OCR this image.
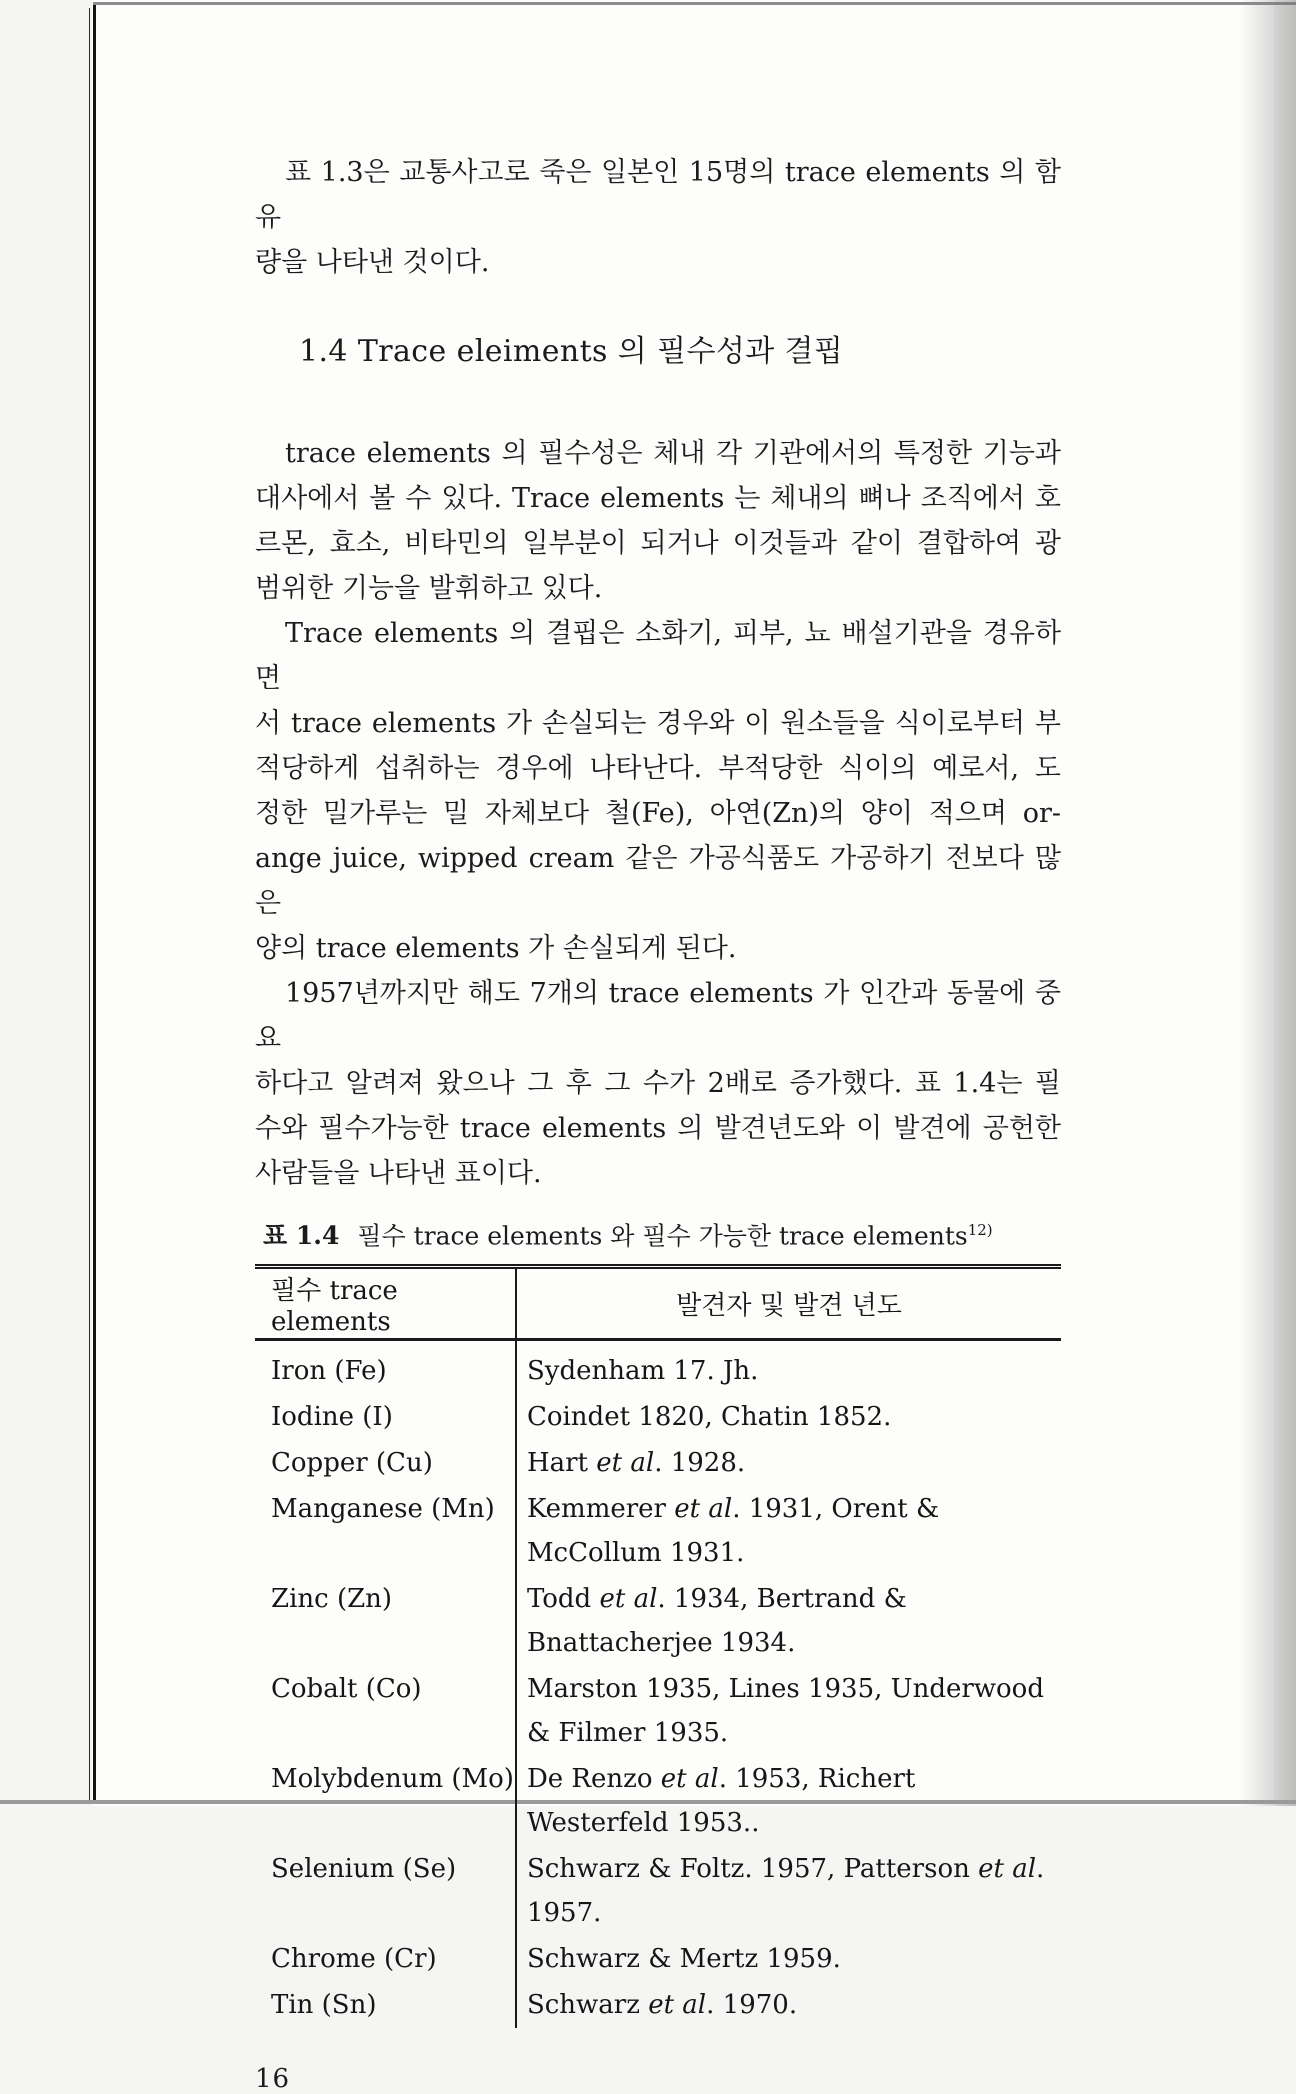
표 1.3은 교통사고로 죽은 일본인 15명의 trace elements 의 함유
량을 나타낸 것이다.
1.4 Trace eleiments 의 필수성과 결핍
trace elements 의 필수성은 체내 각 기관에서의 특정한 기능과
대사에서 볼 수 있다. Trace elements 는 체내의 뼈나 조직에서 호
르몬, 효소, 비타민의 일부분이 되거나 이것들과 같이 결합하여 광
범위한 기능을 발휘하고 있다.
Trace elements 의 결핍은 소화기, 피부, 뇨 배설기관을 경유하면
서 trace elements 가 손실되는 경우와 이 원소들을 식이로부터 부
적당하게 섭취하는 경우에 나타난다. 부적당한 식이의 예로서, 도
정한 밀가루는 밀 자체보다 철(Fe), 아연(Zn)의 양이 적으며 or-
ange juice, wipped cream 같은 가공식품도 가공하기 전보다 많은
양의 trace elements 가 손실되게 된다.
1957년까지만 해도 7개의 trace elements 가 인간과 동물에 중요
하다고 알려져 왔으나 그 후 그 수가 2배로 증가했다. 표 1.4는 필
수와 필수가능한 trace elements 의 발견년도와 이 발견에 공헌한
사람들을 나타낸 표이다.
표 1.4 필수 trace elements 와 필수 가능한 trace elements$^{12)}$
필수 trace elements	발견자 및 발견 년도
Iron (Fe)	Sydenham 17. Jh.
Iodine (I)	Coindet 1820, Chatin 1852.
Copper (Cu)	Hart et al. 1928.
Manganese (Mn)	Kemmerer et al. 1931, Orent & McCollum 1931.
Zinc (Zn)	Todd et al. 1934, Bertrand & Bnattacherjee 1934.
Cobalt (Co)	Marston 1935, Lines 1935, Underwood & Filmer 1935.
Molybdenum (Mo)	De Renzo et al. 1953, Richert Westerfeld 1953..
Selenium (Se)	Schwarz & Foltz. 1957, Patterson et al. 1957.
Chrome (Cr)	Schwarz & Mertz 1959.
Tin (Sn)	Schwarz et al. 1970.
16
